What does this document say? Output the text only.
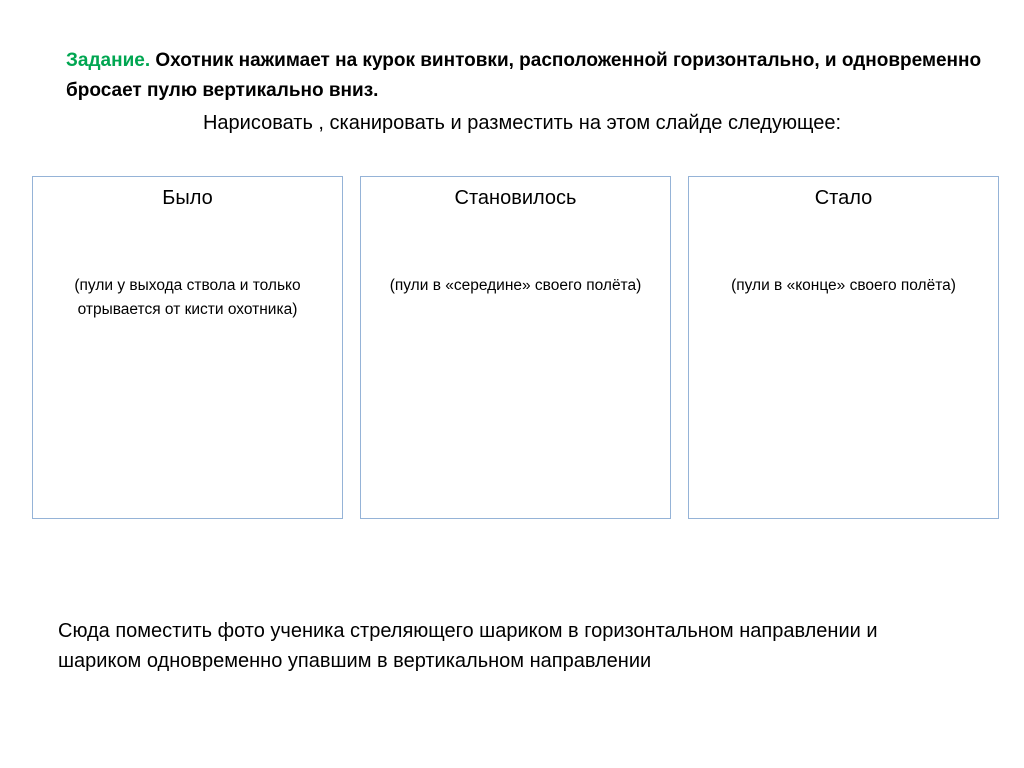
Задание. Охотник нажимает на курок винтовки, расположенной горизонтально, и одновременно бросает пулю вертикально вниз.
Нарисовать , сканировать и разместить на этом слайде следующее:
Было
(пули у выхода ствола и только отрывается от кисти охотника)
Становилось
(пули в «середине» своего полёта)
Стало
(пули в «конце» своего полёта)
Сюда поместить фото ученика стреляющего шариком в горизонтальном направлении и шариком одновременно упавшим в вертикальном направлении
